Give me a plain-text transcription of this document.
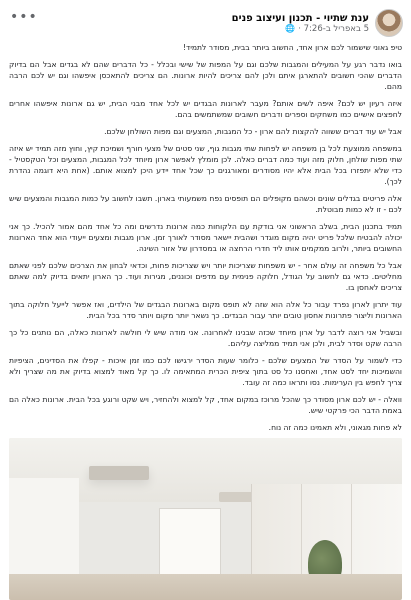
ענת שתיוי - תכנון ועיצוב פנים
5 באפריל ב-7:26 ·
🌐
•••

טיפ גאוני שישמור לכם ארון אחד, החשוב ביותר בבית, מסודר לתמיד!

בואו נדבר רגע על המעילים והמגבות שלכם וגם על המפות של שישי ובכלל - כל הדברים שהם לא בגדים אבל הם בדיוק הדברים שהכי חשובים להתארגן איתם ולכן להם צריכים להיות ארונות. הם צריכים להתאכסן איפשהו וגם יש לכם הרבה מהם.

איזה רעיון יש לכם? איפה לשים אותם? מעבר לארונות הבגדים יש לכל אחד מבני הבית, יש גם ארונות איפשהו אחרים לחפצים אישיים כמו משחקים וספרים ודברים חשובים שמשתמשים בהם.

אבל יש עוד דברים ששווה להקצות להם ארון - כל המגבות, המצעים וגם מפות השולחן שלכם.

במשפחה ממוצעת לכל בן משפחה יש לפחות שתי מגבות גוף, שני סטים של מצעי חורף ושמיכת קיץ, וחוץ מזה תמיד יש איזה שתי מפות שולחן, חלוק מזה ועוד כמה דברים כאלה. לכן מומלץ לאפשר ארון מיוחד לכל המגבות, המצעים וכל הטקסטיל - כדי שלא יתפזרו בכל הבית אלא יהיו מסודרים ומאורגנים כך שכל אחד יידע היכן למצוא אותם. (אחת היא דוגמה נהדרת לכך).

אלה פריטים בגדלים שונים וכשהם מקופלים הם תופסים נפח משמעותי בארון. תשבו לחשוב על כמות המגבות והמצעים שיש לכם - זו לא כמות מבוטלת.

תמיד בתכנון הבית, בשלב הראשוני אני בודקת עם הלקוחות כמה ארונות נדרשים ומה כל אחד מהם אמור להכיל. כך אני יכולה להבטיח שלכל פריט יהיה מקום מוגדר ושהבית יישאר מסודר לאורך זמן. ארון מגבות ומצעים ייעודי הוא אחד הארונות החשובים ביותר, ולרוב ממקמים אותו ליד חדרי הרחצה או במסדרון של אזור השינה.

אבל כל משפחה זה עולם אחר - יש משפחות שצריכות יותר ויש שצריכות פחות, וכדאי לבחון את הצרכים שלכם לפני שאתם מחליטים. כדאי גם לחשוב על הגודל, חלוקה פנימית עם מדפים וכוננים, מגירות ועוד. כך הארון יתאים בדיוק למה שאתם צריכים לאחסן בו.

עוד יתרון לארון נפרד עבור כל אלה הוא שזה לא תופס מקום בארונות הבגדים של הילדים, ואז אפשר לייעל חלוקה בתוך הארונות וליצור פתרונות אחסון טובים יותר עבור הבגדים. כך נשאר יותר מקום ויותר סדר בכל הבית.

ובשביל אני רוצה לדבר על ארון מיוחד שכזה שבנינו לאחרונה. אני מודה שיש לי חולשה לארונות כאלה, הם נותנים כל כך הרבה שקט וסדר לבית, ולכן אני תמיד ממליצה עליהם.

כדי לשמור על הסדר של המצעים שלכם - כלומר שעות הסדר ירגישו לכם כמו זמן איכות - קפלו את הסדינים, הציפיות והשמיכות יחד לסט אחד, ואחסנו כל סט בתוך ציפית הכרית המתאימה לו. כך קל מאוד למצוא בדיוק את מה שצריך ולא צריך לחפש בין הערימות. נסו ותראו כמה זה עובד.

וואלה - יש לכם ארון מסודר כך שהכל מרוכז במקום אחד, קל למצוא ולהחזיר, ויש שקט ורוגע בכל הבית. ארונות כאלה הם באמת הדבר הכי פרקטי שיש.

לא פחות מגאוני, ולא תאמינו כמה זה נוח.
